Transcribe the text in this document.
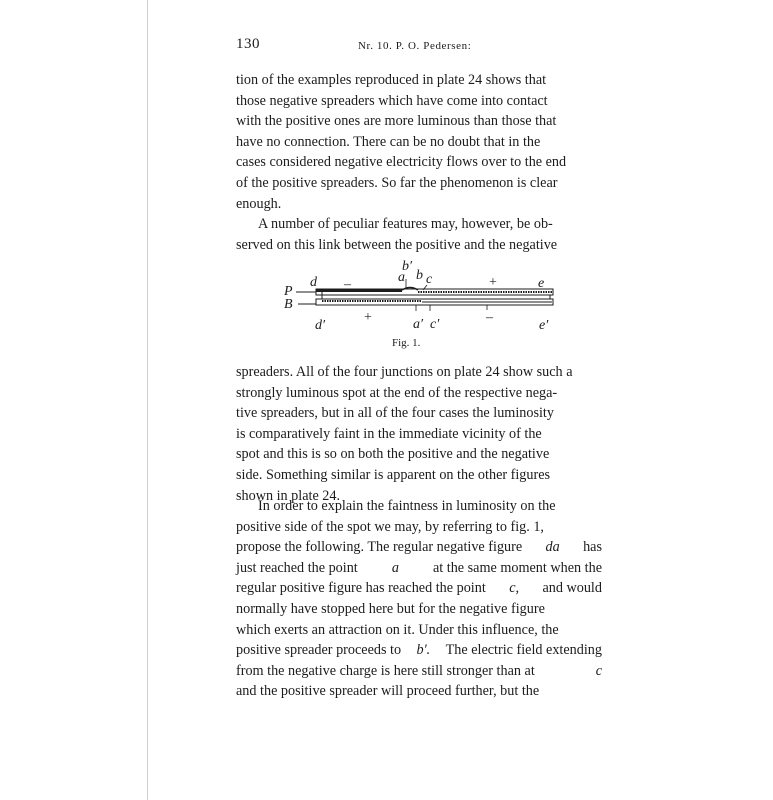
130	Nr. 10. P. O. Pedersen:
tion of the examples reproduced in plate 24 shows that
those negative spreaders which have come into contact
with the positive ones are more luminous than those that
have no connection. There can be no doubt that in the
cases considered negative electricity flows over to the end
of the positive spreaders. So far the phenomenon is clear
enough.
A number of peculiar features may, however, be ob-
served on this link between the positive and the negative
b′
d –	a b c	+	e
P
B
d′
+	a′ c′	–
e′
Fig. 1.
spreaders. All of the four junctions on plate 24 show such a
strongly luminous spot at the end of the respective nega-
tive spreaders, but in all of the four cases the luminosity
is comparatively faint in the immediate vicinity of the
spot and this is so on both the positive and the negative
side. Something similar is apparent on the other figures
shown in plate 24.
In order to explain the faintness in luminosity on the
positive side of the spot we may, by referring to fig. 1,
propose the following. The regular negative figure da has
just reached the point a at the same moment when the
regular positive figure has reached the point c, and would
normally have stopped here but for the negative figure
which exerts an attraction on it. Under this influence, the
positive spreader proceeds to b′. The electric field extending
from the negative charge is here still stronger than at	c
and the positive spreader will proceed further, but the
